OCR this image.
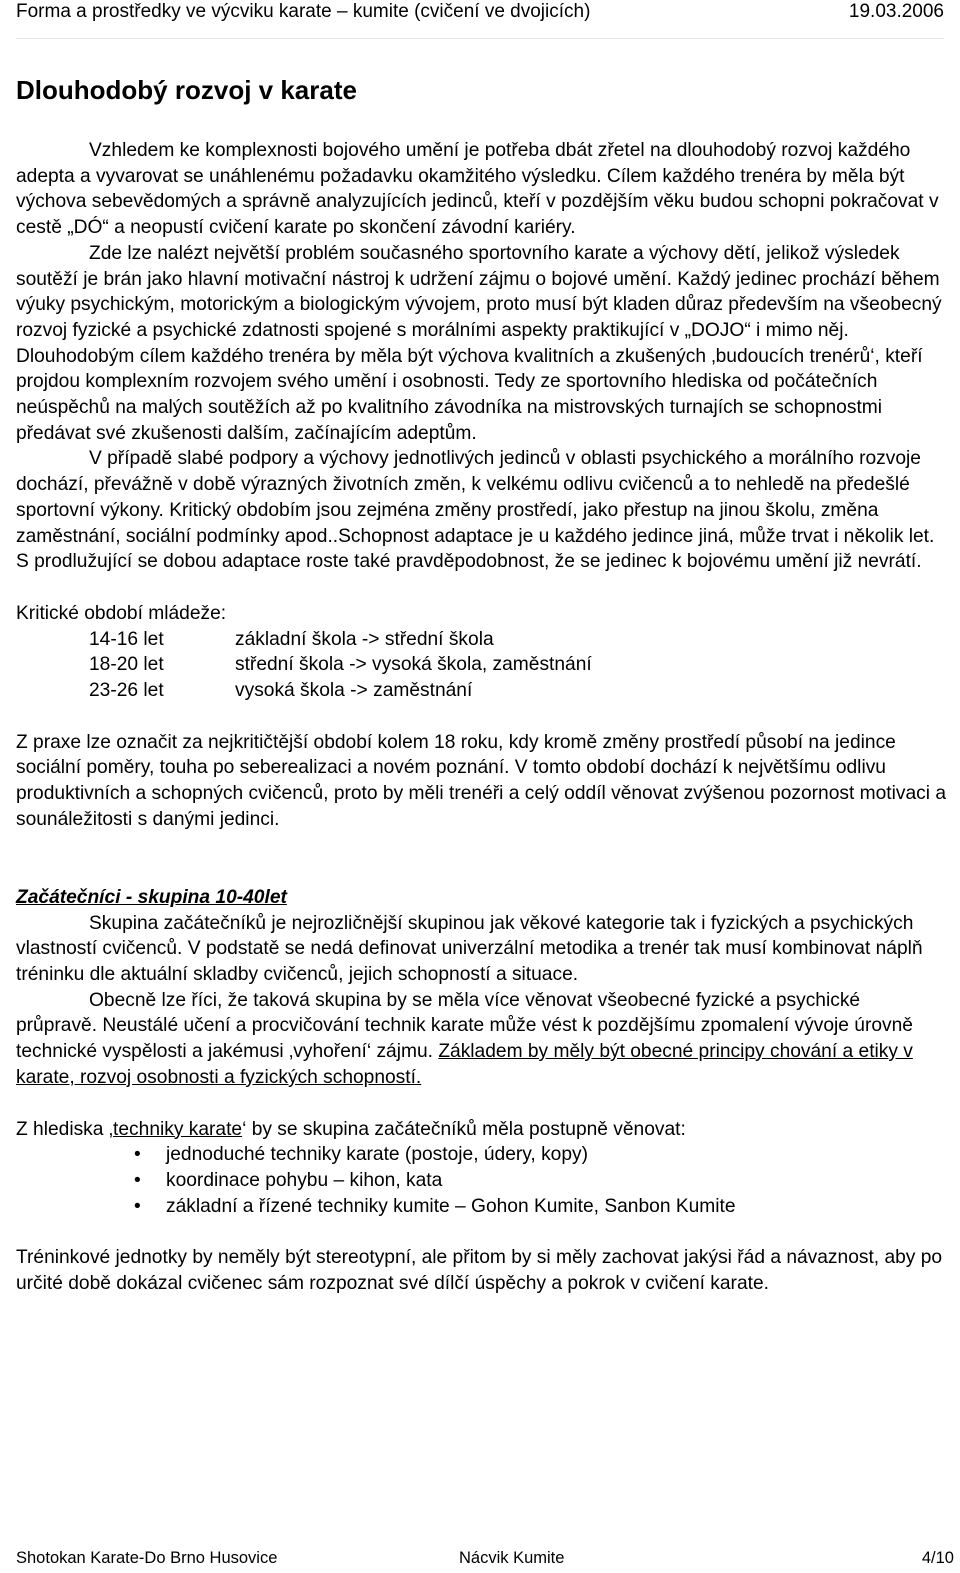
Forma a prostředky ve výcviku karate – kumite (cvičení ve dvojicích)	19.03.2006
Dlouhodobý rozvoj v karate

Vzhledem ke komplexnosti bojového umění je potřeba dbát zřetel na dlouhodobý rozvoj každého adepta a vyvarovat se unáhlenému požadavku okamžitého výsledku. Cílem každého trenéra by měla být výchova sebevědomých a správně analyzujících jedinců, kteří v pozdějším věku budou schopni pokračovat v cestě „DÓ“ a neopustí cvičení karate po skončení závodní kariéry.

Zde lze nalézt největší problém současného sportovního karate a výchovy dětí, jelikož výsledek soutěží je brán jako hlavní motivační nástroj k udržení zájmu o bojové umění. Každý jedinec prochází během výuky psychickým, motorickým a biologickým vývojem, proto musí být kladen důraz především na všeobecný rozvoj fyzické a psychické zdatnosti spojené s morálními aspekty praktikující v „DOJO“ i mimo něj. Dlouhodobým cílem každého trenéra by měla být výchova kvalitních a zkušených ‚budoucích trenérů‘, kteří projdou komplexním rozvojem svého umění i osobnosti. Tedy ze sportovního hlediska od počátečních neúspěchů na malých soutěžích až po kvalitního závodníka na mistrovských turnajích se schopnostmi předávat své zkušenosti dalším, začínajícím adeptům.

V případě slabé podpory a výchovy jednotlivých jedinců v oblasti psychického a morálního rozvoje dochází, převážně v době výrazných životních změn, k velkému odlivu cvičenců a to nehledě na předešlé sportovní výkony. Kritický obdobím jsou zejména změny prostředí, jako přestup na jinou školu, změna zaměstnání, sociální podmínky apod..Schopnost adaptace je u každého jedince jiná, může trvat i několik let. S prodlužující se dobou adaptace roste také pravděpodobnost, že se jedinec k bojovému umění již nevrátí.

Kritické období mládeže:

14-16 let	základní škola -> střední škola
18-20 let	střední škola -> vysoká škola, zaměstnání
23-26 let	vysoká škola -> zaměstnání

Z praxe lze označit za nejkritičtější období kolem 18 roku, kdy kromě změny prostředí působí na jedince sociální poměry, touha po seberealizaci a novém poznání. V tomto období dochází k největšímu odlivu produktivních a schopných cvičenců, proto by měli trenéři a celý oddíl věnovat zvýšenou pozornost motivaci a sounáležitosti s danými jedinci.

Začátečníci - skupina 10-40let

Skupina začátečníků je nejrozličnější skupinou jak věkové kategorie tak i fyzických a psychických vlastností cvičenců. V podstatě se nedá definovat univerzální metodika a trenér tak musí kombinovat náplň tréninku dle aktuální skladby cvičenců, jejich schopností a situace.

Obecně lze říci, že taková skupina by se měla více věnovat všeobecné fyzické a psychické průpravě. Neustálé učení a procvičování technik karate může vést k pozdějšímu zpomalení vývoje úrovně technické vyspělosti a jakémusi ‚vyhoření‘ zájmu. Základem by měly být obecné principy chování a etiky v karate, rozvoj osobnosti a fyzických schopností.

Z hlediska ‚techniky karate‘ by se skupina začátečníků měla postupně věnovat:

• jednoduché techniky karate (postoje, údery, kopy)
• koordinace pohybu – kihon, kata
• základní a řízené techniky kumite – Gohon Kumite, Sanbon Kumite

Tréninkové jednotky by neměly být stereotypní, ale přitom by si měly zachovat jakýsi řád a návaznost, aby po určité době dokázal cvičenec sám rozpoznat své dílčí úspěchy a pokrok v cvičení karate.

Shotokan Karate-Do Brno Husovice	Nácvik Kumite	4/10
